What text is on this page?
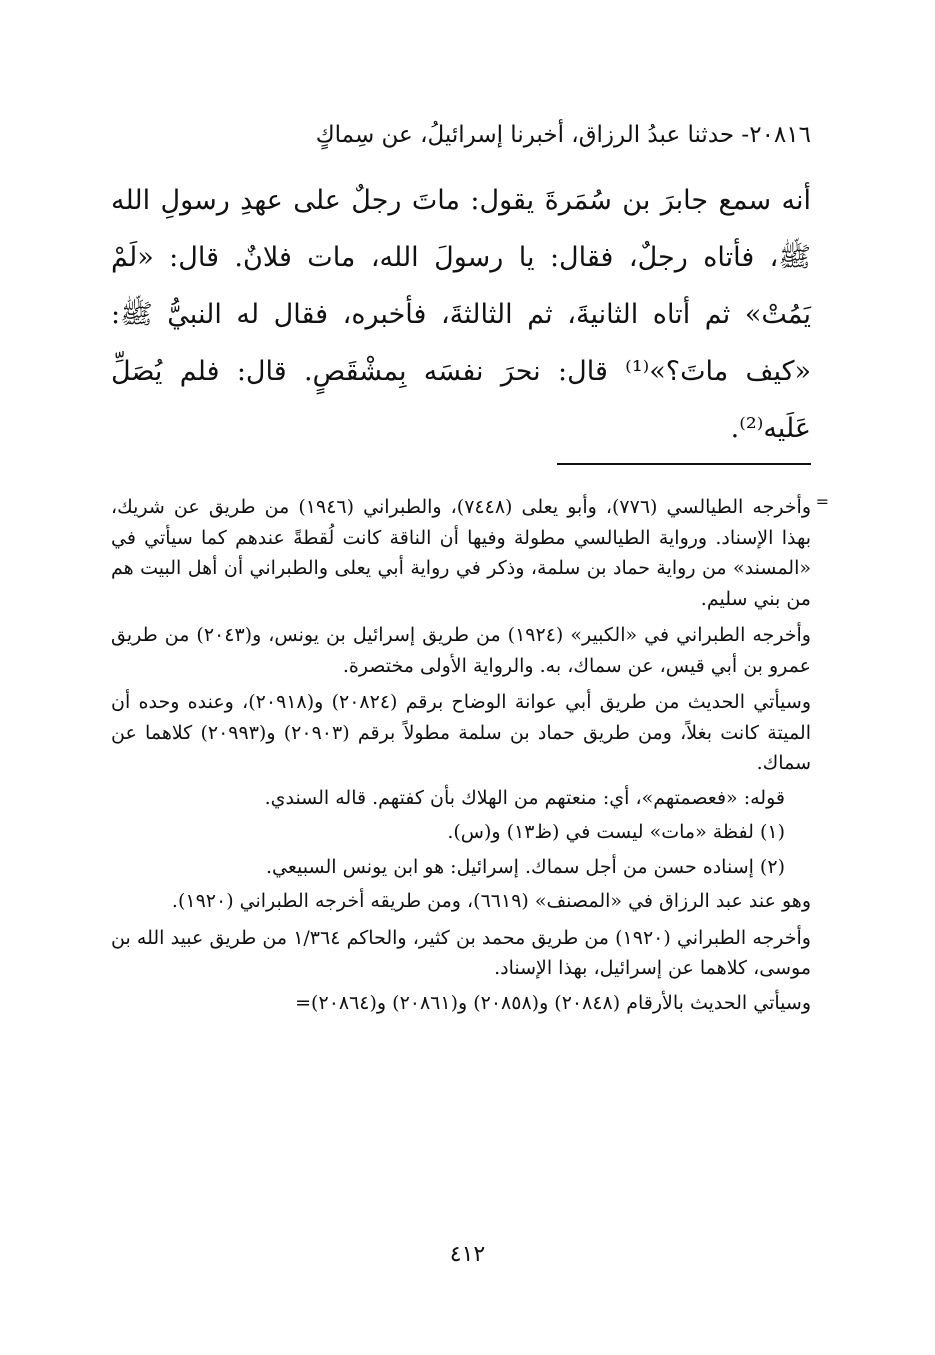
٢٠٨١٦- حدثنا عبدُ الرزاق، أخبرنا إسرائيلُ، عن سِماكٍ

أنه سمع جابرَ بن سُمَرةَ يقول: ماتَ رجلٌ على عهدِ رسولِ الله ﷺ، فأتاه رجلٌ، فقال: يا رسولَ الله، مات فلانٌ. قال: «لَمْ يَمُتْ» ثم أتاه الثانيةَ، ثم الثالثةَ، فأخبره، فقال له النبيُّ ﷺ: «كيف ماتَ؟»⁽¹⁾ قال: نحرَ نفسَه بِمشْقَصٍ. قال: فلم يُصَلِّ عَلَيه⁽²⁾.

=

وأخرجه الطيالسي (٧٧٦)، وأبو يعلى (٧٤٤٨)، والطبراني (١٩٤٦) من طريق عن شريك، بهذا الإسناد. ورواية الطيالسي مطولة وفيها أن الناقة كانت لُقطةً عندهم كما سيأتي في «المسند» من رواية حماد بن سلمة، وذكر في رواية أبي يعلى والطبراني أن أهل البيت هم من بني سليم.

وأخرجه الطبراني في «الكبير» (١٩٢٤) من طريق إسرائيل بن يونس، و(٢٠٤٣) من طريق عمرو بن أبي قيس، عن سماك، به. والرواية الأولى مختصرة.

وسيأتي الحديث من طريق أبي عوانة الوضاح برقم (٢٠٨٢٤) و(٢٠٩١٨)، وعنده وحده أن الميتة كانت بغلاً، ومن طريق حماد بن سلمة مطولاً برقم (٢٠٩٠٣) و(٢٠٩٩٣) كلاهما عن سماك.

قوله: «فعصمتهم»، أي: منعتهم من الهلاك بأن كفتهم. قاله السندي.

(١) لفظة «مات» ليست في (ظ١٣) و(س).

(٢) إسناده حسن من أجل سماك. إسرائيل: هو ابن يونس السبيعي.

وهو عند عبد الرزاق في «المصنف» (٦٦١٩)، ومن طريقه أخرجه الطبراني (١٩٢٠).

وأخرجه الطبراني (١٩٢٠) من طريق محمد بن كثير، والحاكم ١/٣٦٤ من طريق عبيد الله بن موسى، كلاهما عن إسرائيل، بهذا الإسناد.

وسيأتي الحديث بالأرقام (٢٠٨٤٨) و(٢٠٨٥٨) و(٢٠٨٦١) و(٢٠٨٦٤)=

٤١٢
